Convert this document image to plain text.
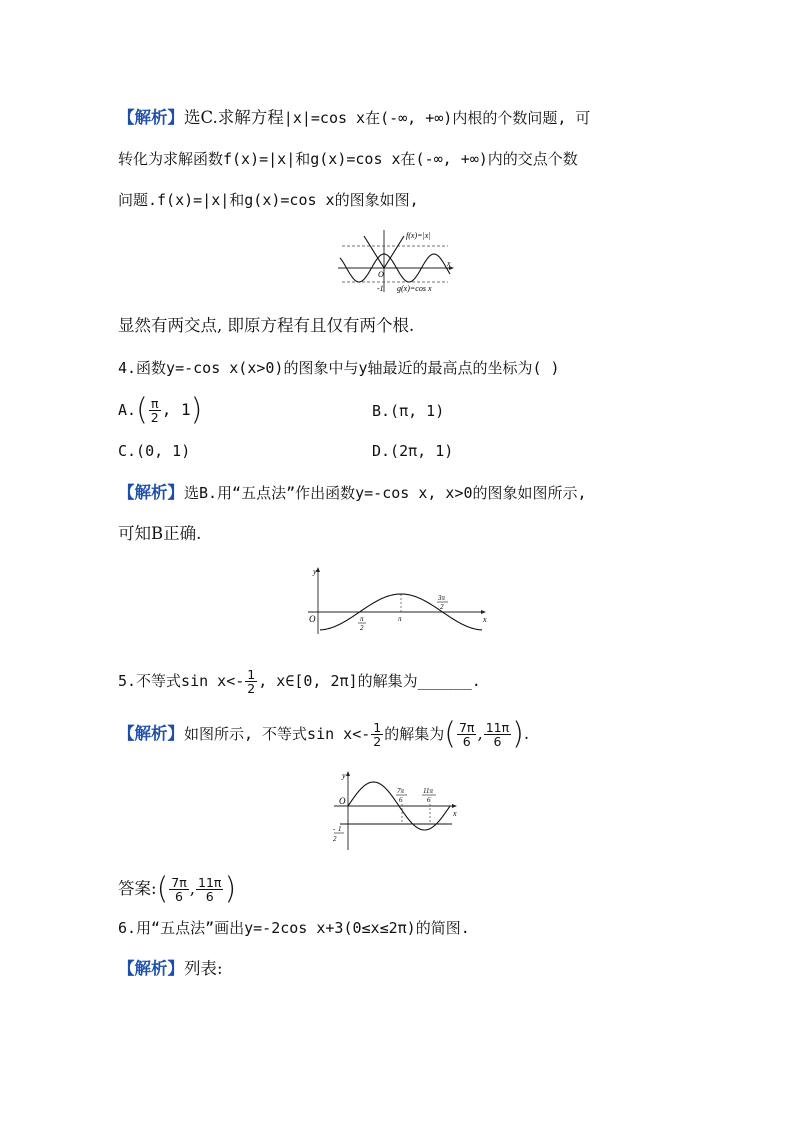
【解析】选C.求解方程|x|=cos x在(-∞, +∞)内根的个数问题, 可
转化为求解函数f(x)=|x|和g(x)=cos x在(-∞, +∞)内的交点个数
问题.f(x)=|x|和g(x)=cos x的图象如图,
f(x)=|x|
g(x)=cos x
x
O
-1
显然有两交点, 即原方程有且仅有两个根.
4.函数y=-cos x(x>0)的图象中与y轴最近的最高点的坐标为( )
$A.( \frac{\pi}{2}$ , 1)	B.(π, 1)
C.(0, 1)	D.(2π, 1)
【解析】选B.用“五点法”作出函数y=-cos x, x>0的图象如图所示,
可知B正确.
y
x
O	π
2
π
3π
2
5.不等式$\sin x<- \frac{1}{2}$ , x∈[0, 2π]的解集为______.
【解析】如图所示, 不等式$\sin x<- \frac{1}{2}$ 的解集为( $\frac{7\pi}{6}$ , $\frac{11\pi}{6}$ ).
y
x
O
7π
6
11π
6
1
2
-
答案:( $\frac{7\pi}{6}$ , $\frac{11\pi}{6}$ )
6.用“五点法”画出y=-2cos x+3(0≤x≤2π)的简图.
【解析】列表:
